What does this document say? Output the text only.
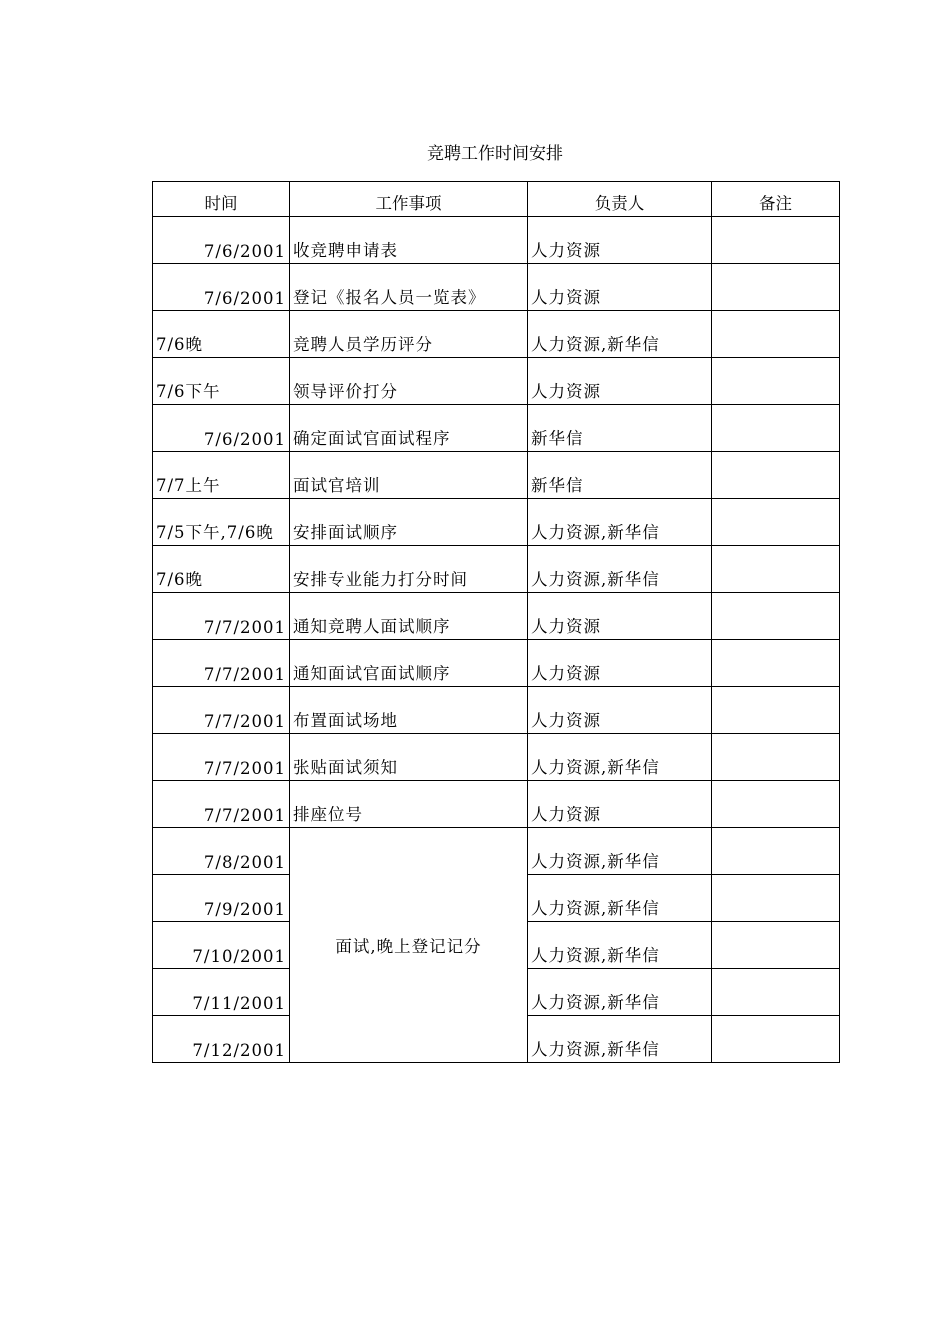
竞聘工作时间安排
时间	工作事项	负责人	备注
7/6/2001	收竞聘申请表	人力资源	
7/6/2001	登记《报名人员一览表》	人力资源	
7/6晚	竞聘人员学历评分	人力资源,新华信	
7/6下午	领导评价打分	人力资源	
7/6/2001	确定面试官面试程序	新华信	
7/7上午	面试官培训	新华信	
7/5下午,7/6晚	安排面试顺序	人力资源,新华信	
7/6晚	安排专业能力打分时间	人力资源,新华信	
7/7/2001	通知竞聘人面试顺序	人力资源	
7/7/2001	通知面试官面试顺序	人力资源	
7/7/2001	布置面试场地	人力资源	
7/7/2001	张贴面试须知	人力资源,新华信	
7/7/2001	排座位号	人力资源	
7/8/2001	面试,晚上登记记分	人力资源,新华信	
7/9/2001		人力资源,新华信	
7/10/2001		人力资源,新华信	
7/11/2001		人力资源,新华信	
7/12/2001		人力资源,新华信	
